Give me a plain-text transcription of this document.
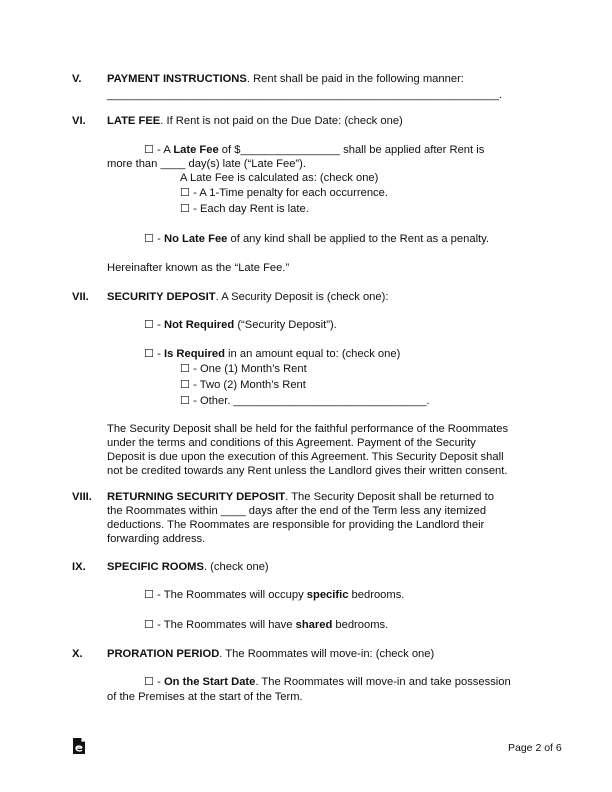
V. PAYMENT INSTRUCTIONS. Rent shall be paid in the following manner:
_______________________________________________________________.
VI. LATE FEE. If Rent is not paid on the Due Date: (check one)
☐ - A Late Fee of $________________ shall be applied after Rent is
more than ____ day(s) late (“Late Fee”).
A Late Fee is calculated as: (check one)
☐ - A 1-Time penalty for each occurrence.
☐ - Each day Rent is late.
☐ - No Late Fee of any kind shall be applied to the Rent as a penalty.
Hereinafter known as the “Late Fee.”
VII. SECURITY DEPOSIT. A Security Deposit is (check one):
☐ - Not Required (“Security Deposit”).
☐ - Is Required in an amount equal to: (check one)
☐ - One (1) Month’s Rent
☐ - Two (2) Month’s Rent
☐ - Other. _______________________________.
The Security Deposit shall be held for the faithful performance of the Roommates
under the terms and conditions of this Agreement. Payment of the Security
Deposit is due upon the execution of this Agreement. This Security Deposit shall
not be credited towards any Rent unless the Landlord gives their written consent.
VIII. RETURNING SECURITY DEPOSIT. The Security Deposit shall be returned to
the Roommates within ____ days after the end of the Term less any itemized
deductions. The Roommates are responsible for providing the Landlord their
forwarding address.
IX. SPECIFIC ROOMS. (check one)
☐ - The Roommates will occupy specific bedrooms.
☐ - The Roommates will have shared bedrooms.
X. PRORATION PERIOD. The Roommates will move-in: (check one)
☐ - On the Start Date. The Roommates will move-in and take possession
of the Premises at the start of the Term.
Page 2 of 6
